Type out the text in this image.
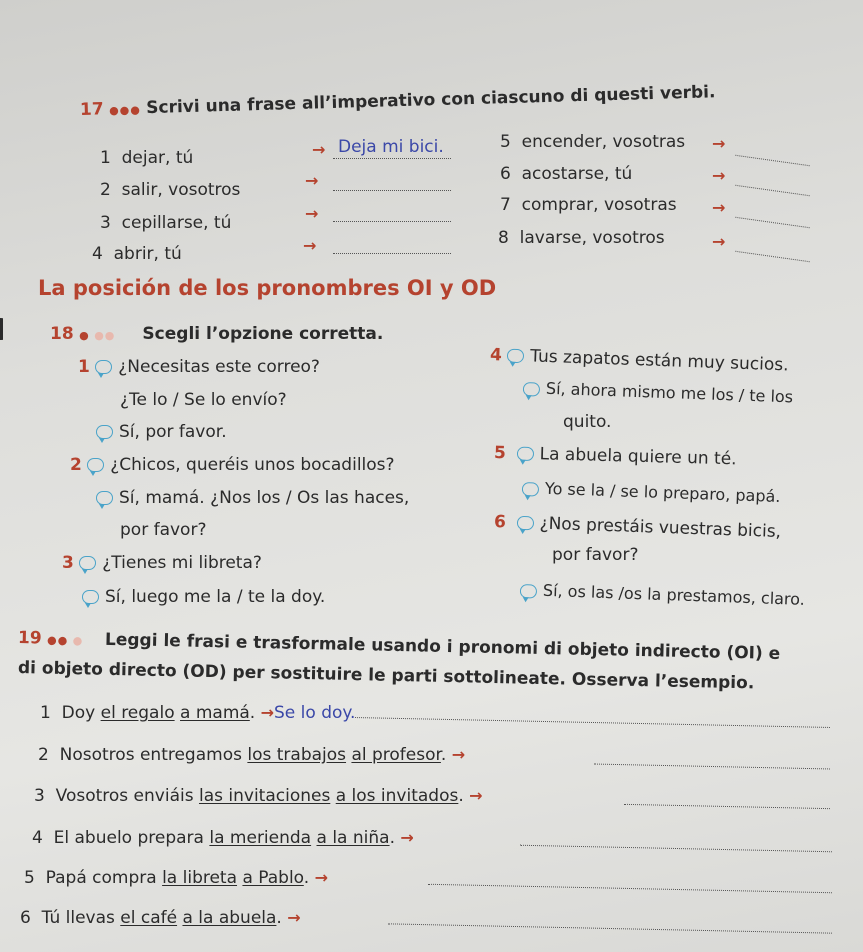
17 ●●● Scrivi una frase all’imperativo con ciascuno di questi verbi.
1 dejar, tú	→ Deja mi bici.
2 salir, vosotros	→
3 cepillarse, tú	→
4 abrir, tú	→
5 encender, vosotras →
6 acostarse, tú	→
7 comprar, vosotras →
8 lavarse, vosotros	→
La posición de los pronombres OI y OD
18 ● ●● Scegli l’opzione corretta.
1 ¿Necesitas este correo?
¿Te lo / Se lo envío?
Sí, por favor.
2 ¿Chicos, queréis unos bocadillos?
Sí, mamá. ¿Nos los / Os las haces,
por favor?
3 ¿Tienes mi libreta?
Sí, luego me la / te la doy.
4 Tus zapatos están muy sucios.
Sí, ahora mismo me los / te los
quito.
5 La abuela quiere un té.
Yo se la / se lo preparo, papá.
6 ¿Nos prestáis vuestras bicis,
por favor?
Sí, os las /os la prestamos, claro.
19 ●● ● Leggi le frasi e trasformale usando i pronomi di objeto indirecto (OI) e
di objeto directo (OD) per sostituire le parti sottolineate. Osserva l’esempio.
1 Doy el regalo a mamá. →Se lo doy.
2 Nosotros entregamos los trabajos al profesor. →
3 Vosotros enviáis las invitaciones a los invitados. →
4 El abuelo prepara la merienda a la niña. →
5 Papá compra la libreta a Pablo. →
6 Tú llevas el café a la abuela. →
